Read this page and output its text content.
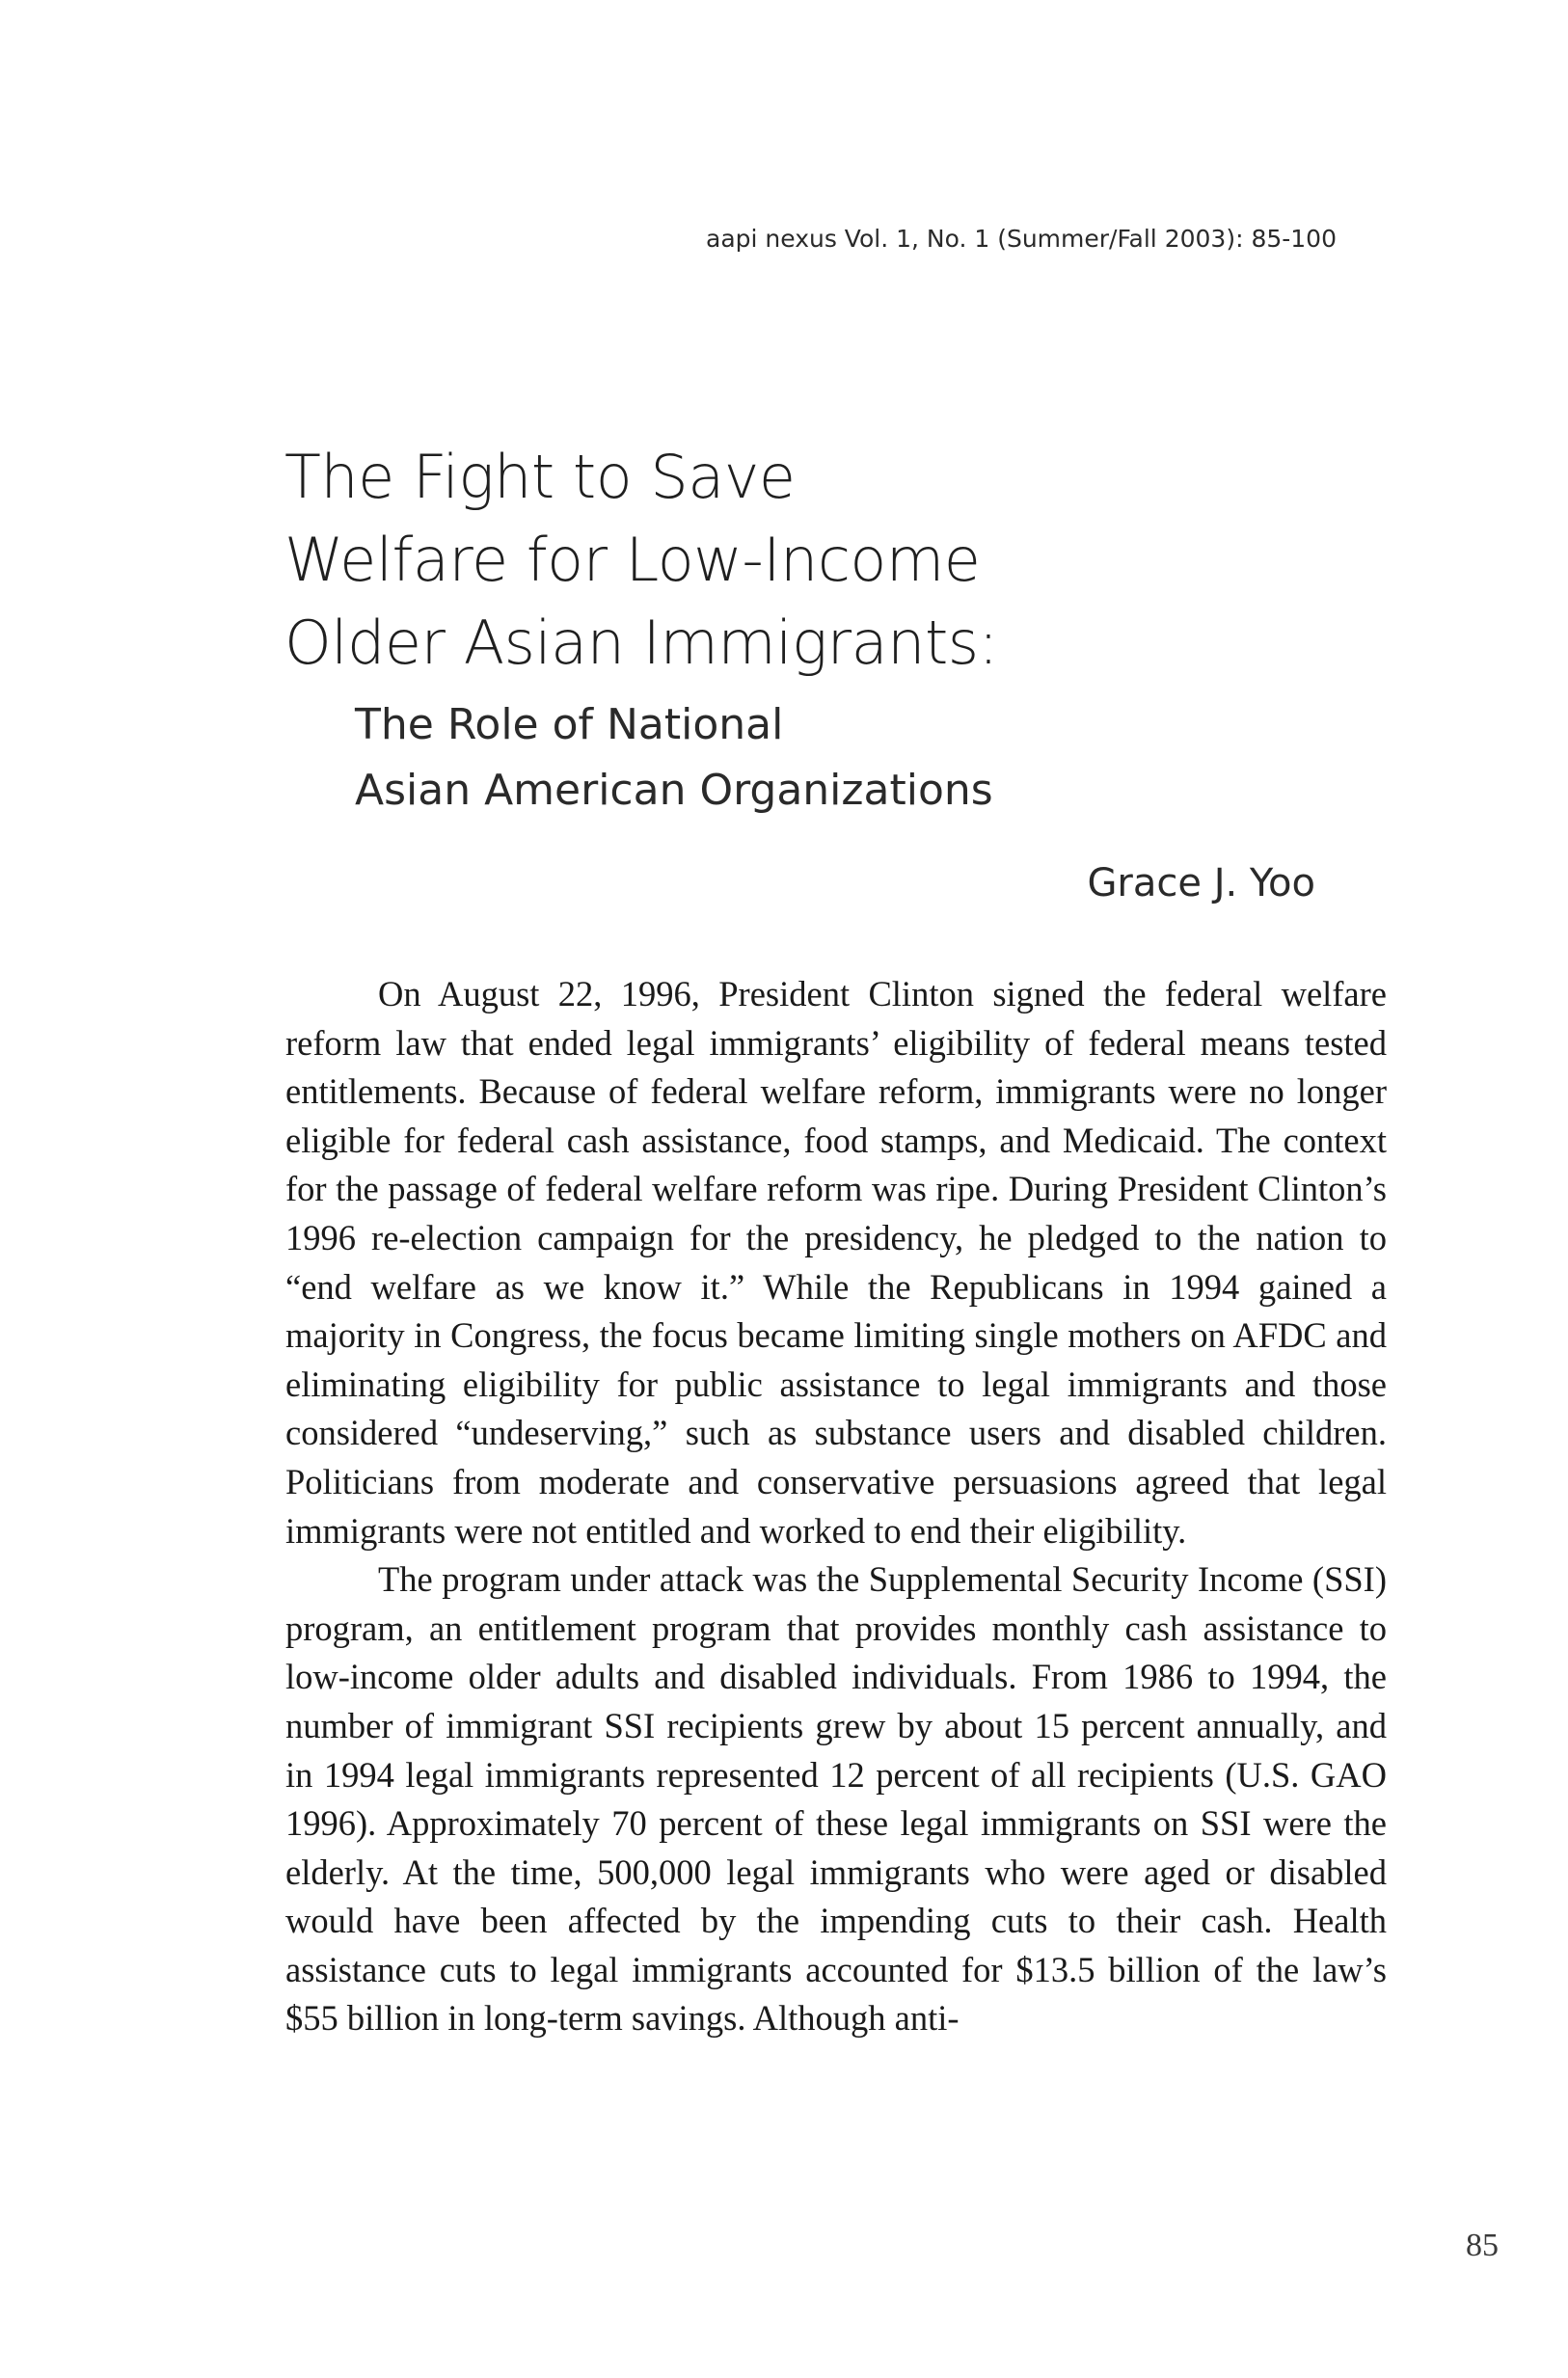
aapi nexus Vol. 1, No. 1 (Summer/Fall 2003): 85-100
The Fight to Save
Welfare for Low-Income
Older Asian Immigrants:
The Role of National
Asian American Organizations
Grace J. Yoo

On August 22, 1996, President Clinton signed the federal welfare reform law that ended legal immigrants’ eligibility of federal means tested entitlements. Because of federal welfare reform, immigrants were no longer eligible for federal cash assistance, food stamps, and Medicaid. The context for the passage of federal welfare reform was ripe. During President Clinton’s 1996 re-election campaign for the presidency, he pledged to the nation to “end welfare as we know it.” While the Republicans in 1994 gained a majority in Congress, the focus became limiting single mothers on AFDC and eliminating eligibility for public assistance to legal immigrants and those considered “undeserving,” such as substance users and disabled children. Politicians from moderate and conservative persuasions agreed that legal immigrants were not entitled and worked to end their eligibility.

The program under attack was the Supplemental Security Income (SSI) program, an entitlement program that provides monthly cash assistance to low-income older adults and disabled individuals. From 1986 to 1994, the number of immigrant SSI recipients grew by about 15 percent annually, and in 1994 legal immigrants represented 12 percent of all recipients (U.S. GAO 1996). Approximately 70 percent of these legal immigrants on SSI were the elderly. At the time, 500,000 legal immigrants who were aged or disabled would have been affected by the impending cuts to their cash. Health assistance cuts to legal immigrants accounted for $13.5 billion of the law’s $55 billion in long-term savings. Although anti-

85
